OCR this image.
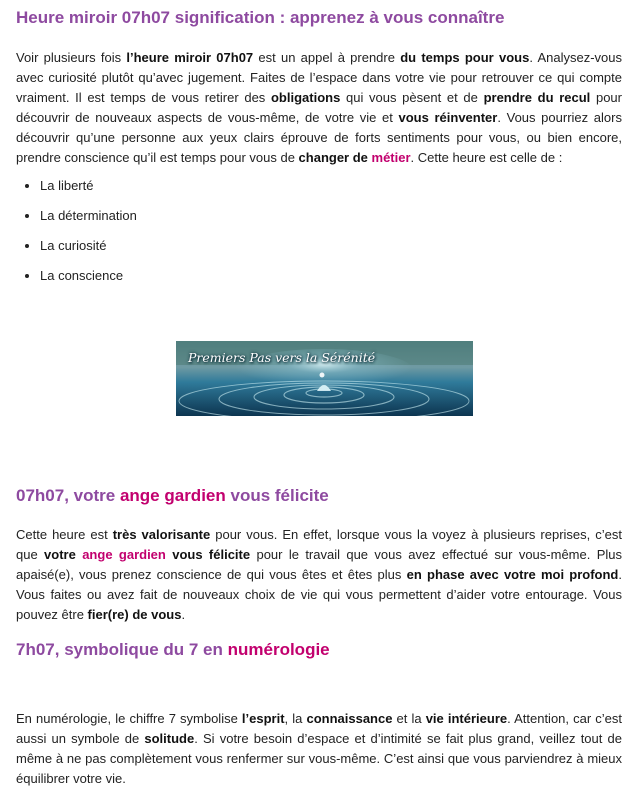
Heure miroir 07h07 signification : apprenez à vous connaître

Voir plusieurs fois l’heure miroir 07h07 est un appel à prendre du temps pour vous. Analysez-vous avec curiosité plutôt qu’avec jugement. Faites de l’espace dans votre vie pour retrouver ce qui compte vraiment. Il est temps de vous retirer des obligations qui vous pèsent et de prendre du recul pour découvrir de nouveaux aspects de vous-même, de votre vie et vous réinventer. Vous pourriez alors découvrir qu’une personne aux yeux clairs éprouve de forts sentiments pour vous, ou bien encore, prendre conscience qu’il est temps pour vous de changer de métier. Cette heure est celle de :

• La liberté
• La détermination
• La curiosité
• La conscience
Premiers Pas vers la Sérénité
07h07, votre ange gardien vous félicite

Cette heure est très valorisante pour vous. En effet, lorsque vous la voyez à plusieurs reprises, c’est que votre ange gardien vous félicite pour le travail que vous avez effectué sur vous-même. Plus apaisé(e), vous prenez conscience de qui vous êtes et êtes plus en phase avec votre moi profond. Vous faites ou avez fait de nouveaux choix de vie qui vous permettent d’aider votre entourage. Vous pouvez être fier(re) de vous.

7h07, symbolique du 7 en numérologie

En numérologie, le chiffre 7 symbolise l’esprit, la connaissance et la vie intérieure. Attention, car c’est aussi un symbole de solitude. Si votre besoin d’espace et d’intimité se fait plus grand, veillez tout de même à ne pas complètement vous renfermer sur vous-même. C’est ainsi que vous parviendrez à mieux équilibrer votre vie.
